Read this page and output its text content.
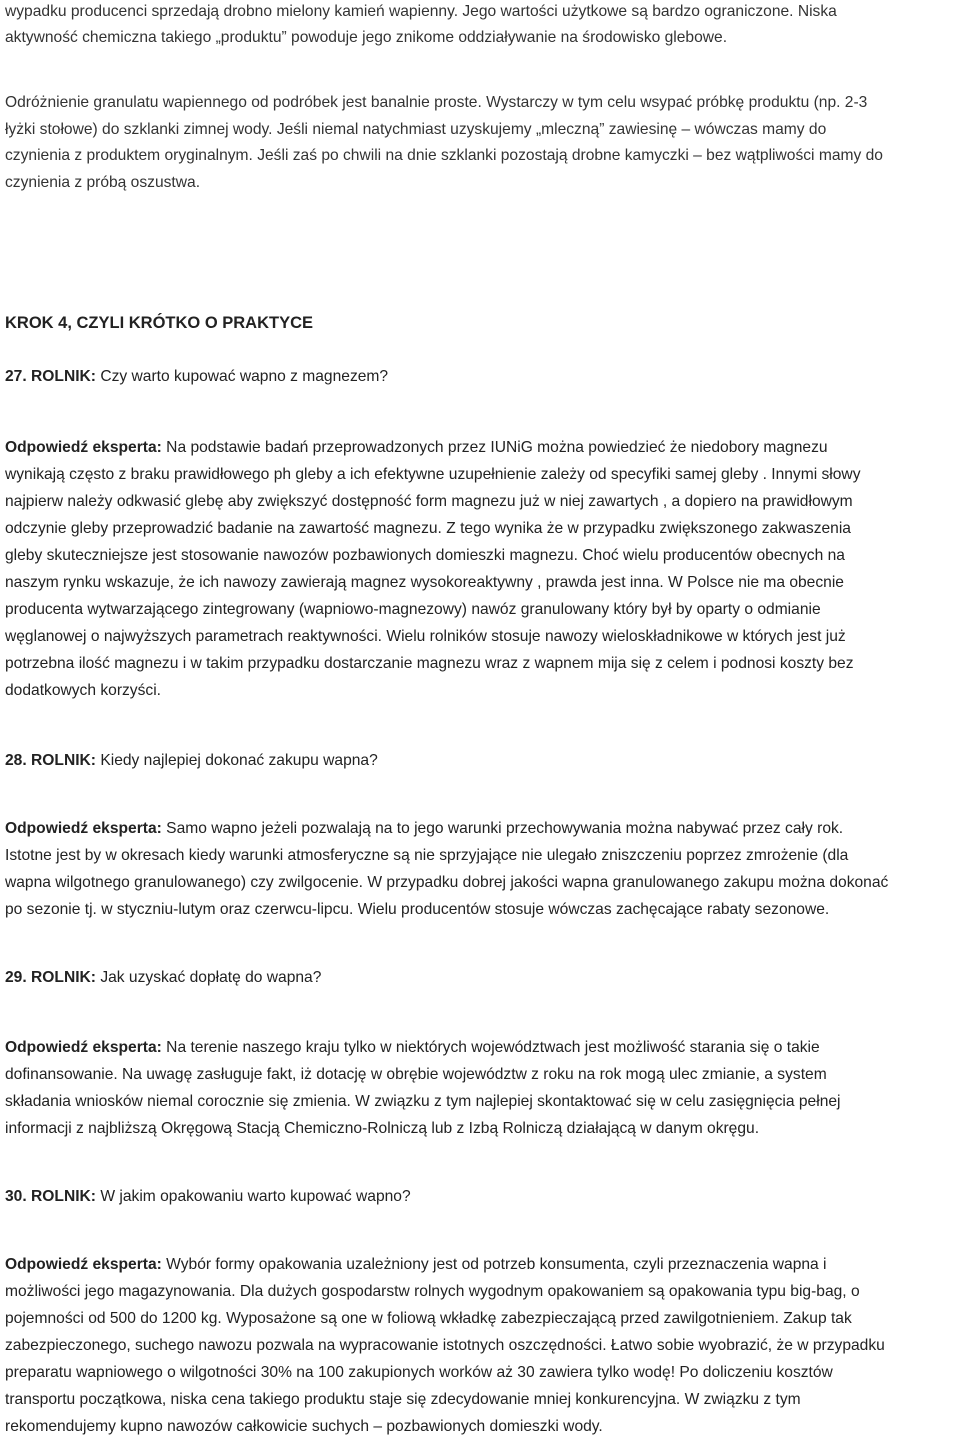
wypadku producenci sprzedają drobno mielony kamień wapienny. Jego wartości użytkowe są bardzo ograniczone. Niska
aktywność chemiczna takiego „produktu” powoduje jego znikome oddziaływanie na środowisko glebowe.
Odróżnienie granulatu wapiennego od podróbek jest banalnie proste. Wystarczy w tym celu wsypać próbkę produktu (np. 2-3
łyżki stołowe) do szklanki zimnej wody. Jeśli niemal natychmiast uzyskujemy „mleczną” zawiesinę – wówczas mamy do
czynienia z produktem oryginalnym. Jeśli zaś po chwili na dnie szklanki pozostają drobne kamyczki – bez wątpliwości mamy do
czynienia z próbą oszustwa.
KROK 4, CZYLI KRÓTKO O PRAKTYCE
27. ROLNIK: Czy warto kupować wapno z magnezem?
Odpowiedź eksperta: Na podstawie badań przeprowadzonych przez IUNiG można powiedzieć że niedobory magnezu
wynikają często z braku prawidłowego ph gleby a ich efektywne uzupełnienie zależy od specyfiki samej gleby . Innymi słowy
najpierw należy odkwasić glebę aby zwiększyć dostępność form magnezu już w niej zawartych , a dopiero na prawidłowym
odczynie gleby przeprowadzić badanie na zawartość magnezu. Z tego wynika że w przypadku zwiększonego zakwaszenia
gleby skuteczniejsze jest stosowanie nawozów pozbawionych domieszki magnezu. Choć wielu producentów obecnych na
naszym rynku wskazuje, że ich nawozy zawierają magnez wysokoreaktywny , prawda jest inna. W Polsce nie ma obecnie
producenta wytwarzającego zintegrowany (wapniowo-magnezowy) nawóz granulowany który był by oparty o odmianie
węglanowej o najwyższych parametrach reaktywności. Wielu rolników stosuje nawozy wieloskładnikowe w których jest już
potrzebna ilość magnezu i w takim przypadku dostarczanie magnezu wraz z wapnem mija się z celem i podnosi koszty bez
dodatkowych korzyści.
28. ROLNIK: Kiedy najlepiej dokonać zakupu wapna?
Odpowiedź eksperta: Samo wapno jeżeli pozwalają na to jego warunki przechowywania można nabywać przez cały rok.
Istotne jest by w okresach kiedy warunki atmosferyczne są nie sprzyjające nie ulegało zniszczeniu poprzez zmrożenie (dla
wapna wilgotnego granulowanego) czy zwilgocenie. W przypadku dobrej jakości wapna granulowanego zakupu można dokonać
po sezonie tj. w styczniu-lutym oraz czerwcu-lipcu. Wielu producentów stosuje wówczas zachęcające rabaty sezonowe.
29. ROLNIK: Jak uzyskać dopłatę do wapna?
Odpowiedź eksperta: Na terenie naszego kraju tylko w niektórych województwach jest możliwość starania się o takie
dofinansowanie. Na uwagę zasługuje fakt, iż dotację w obrębie województw z roku na rok mogą ulec zmianie, a system
składania wniosków niemal corocznie się zmienia. W związku z tym najlepiej skontaktować się w celu zasięgnięcia pełnej
informacji z najbliższą Okręgową Stacją Chemiczno-Rolniczą lub z Izbą Rolniczą działającą w danym okręgu.
30. ROLNIK: W jakim opakowaniu warto kupować wapno?
Odpowiedź eksperta: Wybór formy opakowania uzależniony jest od potrzeb konsumenta, czyli przeznaczenia wapna i
możliwości jego magazynowania. Dla dużych gospodarstw rolnych wygodnym opakowaniem są opakowania typu big-bag, o
pojemności od 500 do 1200 kg. Wyposażone są one w foliową wkładkę zabezpieczającą przed zawilgotnieniem. Zakup tak
zabezpieczonego, suchego nawozu pozwala na wypracowanie istotnych oszczędności. Łatwo sobie wyobrazić, że w przypadku
preparatu wapniowego o wilgotności 30% na 100 zakupionych worków aż 30 zawiera tylko wodę! Po doliczeniu kosztów
transportu początkowa, niska cena takiego produktu staje się zdecydowanie mniej konkurencyjna. W związku z tym
rekomendujemy kupno nawozów całkowicie suchych – pozbawionych domieszki wody.
